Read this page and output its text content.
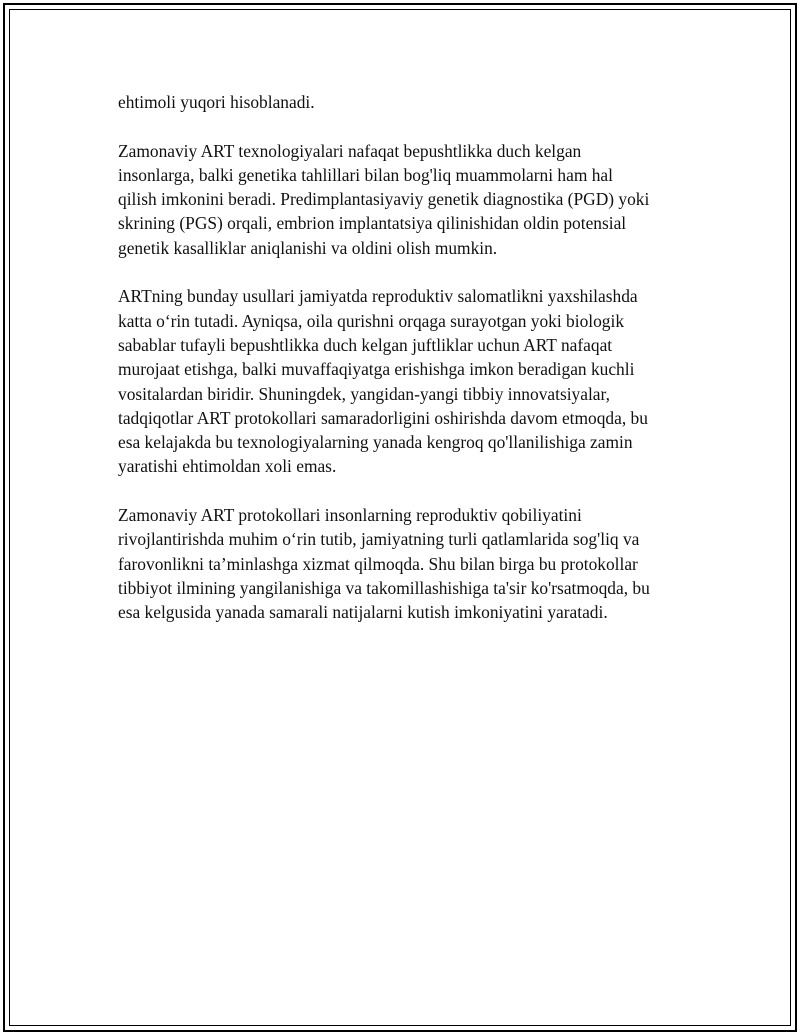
ehtimoli yuqori hisoblanadi.

Zamonaviy ART texnologiyalari nafaqat bepushtlikka duch kelgan
insonlarga, balki genetika tahlillari bilan bog'liq muammolarni ham hal
qilish imkonini beradi. Predimplantasiyaviy genetik diagnostika (PGD) yoki
skrining (PGS) orqali, embrion implantatsiya qilinishidan oldin potensial
genetik kasalliklar aniqlanishi va oldini olish mumkin.

ARTning bunday usullari jamiyatda reproduktiv salomatlikni yaxshilashda
katta oʻrin tutadi. Ayniqsa, oila qurishni orqaga surayotgan yoki biologik
sabablar tufayli bepushtlikka duch kelgan juftliklar uchun ART nafaqat
murojaat etishga, balki muvaffaqiyatga erishishga imkon beradigan kuchli
vositalardan biridir. Shuningdek, yangidan-yangi tibbiy innovatsiyalar,
tadqiqotlar ART protokollari samaradorligini oshirishda davom etmoqda, bu
esa kelajakda bu texnologiyalarning yanada kengroq qo'llanilishiga zamin
yaratishi ehtimoldan xoli emas.

Zamonaviy ART protokollari insonlarning reproduktiv qobiliyatini
rivojlantirishda muhim oʻrin tutib, jamiyatning turli qatlamlarida sog'liq va
farovonlikni ta’minlashga xizmat qilmoqda. Shu bilan birga bu protokollar
tibbiyot ilmining yangilanishiga va takomillashishiga ta'sir ko'rsatmoqda, bu
esa kelgusida yanada samarali natijalarni kutish imkoniyatini yaratadi.
